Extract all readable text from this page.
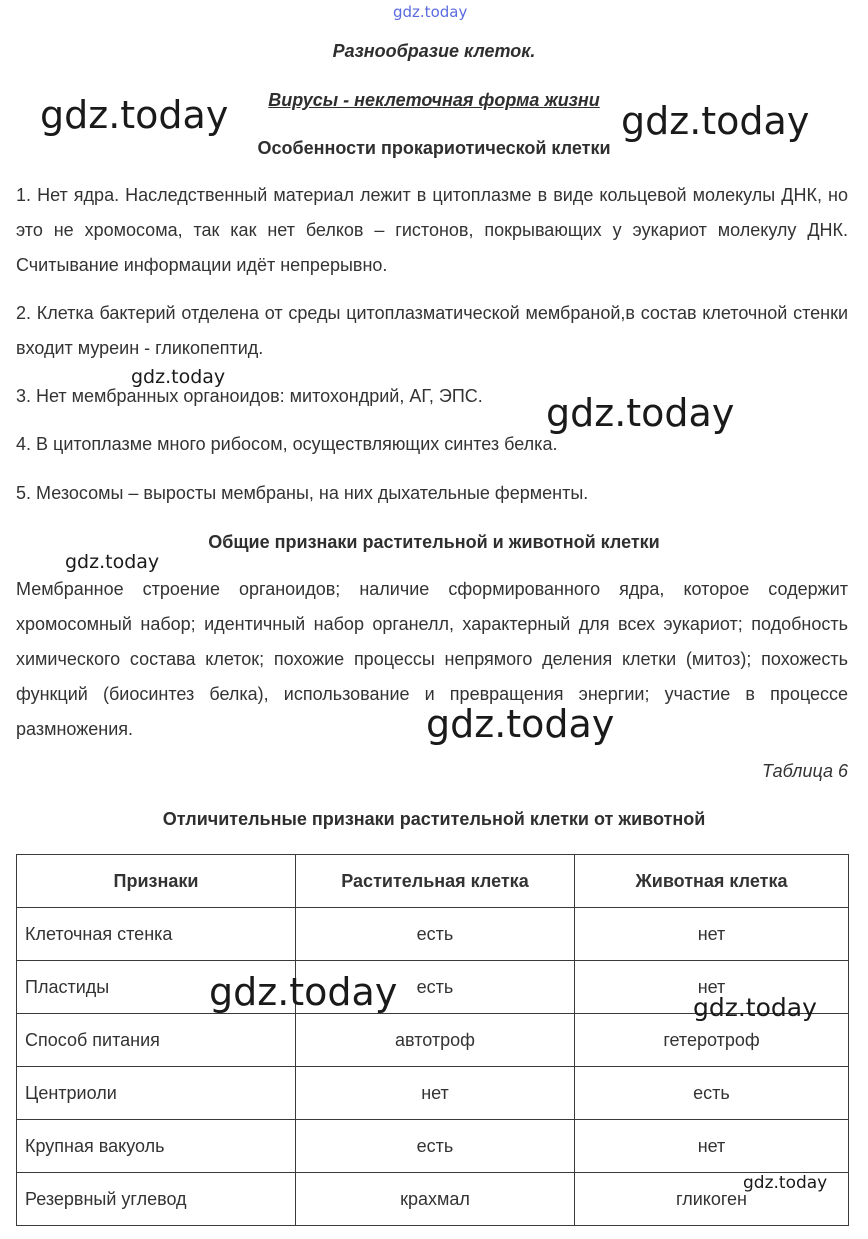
gdz.today
Разнообразие клеток.
Вирусы - неклеточная форма жизни
Особенности прокариотической клетки
1. Нет ядра. Наследственный материал лежит в цитоплазме в виде кольцевой молекулы ДНК, но это не хромосома, так как нет белков – гистонов, покрывающих у эукариот молекулу ДНК. Считывание информации идёт непрерывно.
2. Клетка бактерий отделена от среды цитоплазматической мембраной,в состав клеточной стенки входит муреин - гликопептид.
3. Нет мембранных органоидов: митохондрий, АГ, ЭПС.
4. В цитоплазме много рибосом, осуществляющих синтез белка.
5. Мезосомы – выросты мембраны, на них дыхательные ферменты.
Общие признаки растительной и животной клетки
Мембранное строение органоидов; наличие сформированного ядра, которое содержит хромосомный набор; идентичный набор органелл, характерный для всех эукариот; подобность химического состава клеток; похожие процессы непрямого деления клетки (митоз); похожесть функций (биосинтез белка), использование и превращения энергии; участие в процессе размножения.
Таблица 6
Отличительные признаки растительной клетки от животной
Признаки	Растительная клетка	Животная клетка
Клеточная стенка	есть	нет
Пластиды	есть	нет
Способ питания	автотроф	гетеротроф
Центриоли	нет	есть
Крупная вакуоль	есть	нет
Резервный углевод	крахмал	гликоген
gdz.today	gdz.today
gdz.today
gdz.today
gdz.today
gdz.today
gdz.today	gdz.today
gdz.today
